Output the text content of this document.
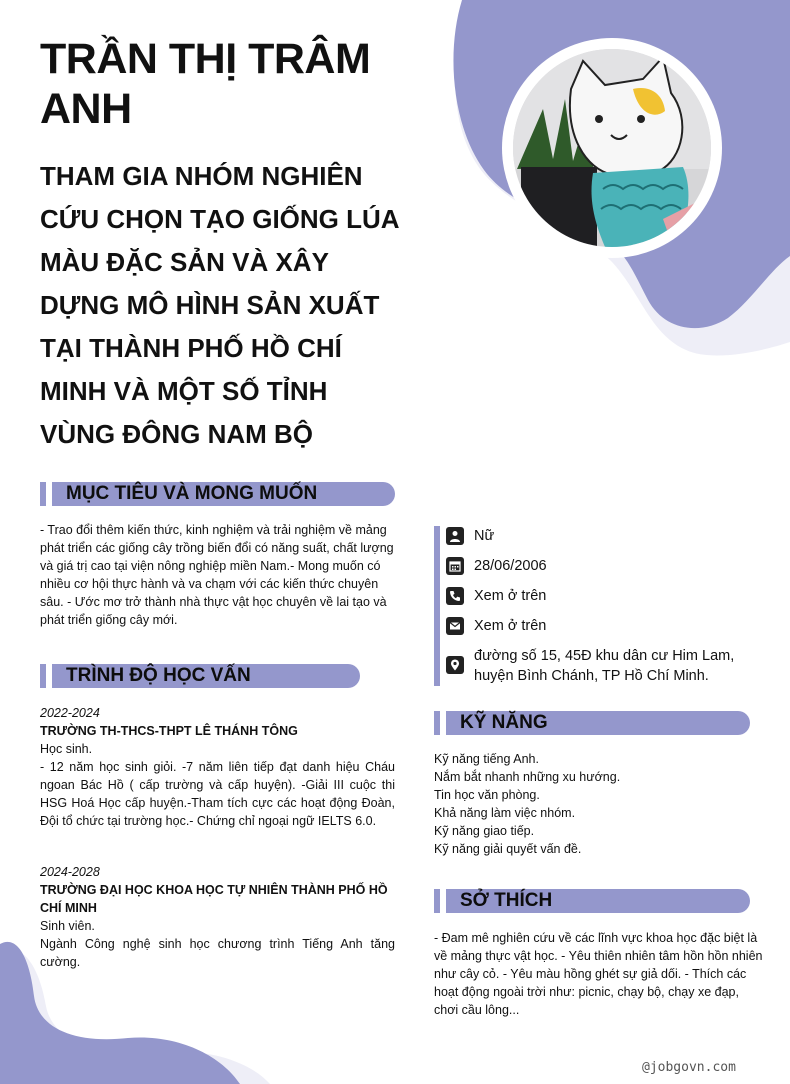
TRẦN THỊ TRÂM ANH
THAM GIA NHÓM NGHIÊN CỨU CHỌN TẠO GIỐNG LÚA MÀU ĐẶC SẢN VÀ XÂY DỰNG MÔ HÌNH SẢN XUẤT TẠI THÀNH PHỐ HỒ CHÍ MINH VÀ MỘT SỐ TỈNH VÙNG ĐÔNG NAM BỘ
MỤC TIÊU VÀ MONG MUỐN
- Trao đổi thêm kiến thức, kinh nghiệm và trải nghiệm về mảng phát triển các giống cây trồng biến đổi có năng suất, chất lượng và giá trị cao tại viện nông nghiệp miền Nam.- Mong muốn có nhiều cơ hội thực hành và va chạm với các kiến thức chuyên sâu. - Ước mơ trở thành nhà thực vật học chuyên về lai tạo và phát triển giống cây mới.
TRÌNH ĐỘ HỌC VẤN
2022-2024
TRƯỜNG TH-THCS-THPT LÊ THÁNH TÔNG
Học sinh.
- 12 năm học sinh giỏi. -7 năm liên tiếp đạt danh hiệu Cháu ngoan Bác Hồ ( cấp trường và cấp huyện). -Giải III cuộc thi HSG Hoá Học cấp huyện.-Tham tích cực các hoạt động Đoàn, Đội tổ chức tại trường học.- Chứng chỉ ngoại ngữ IELTS 6.0.
2024-2028
TRƯỜNG ĐẠI HỌC KHOA HỌC TỰ NHIÊN THÀNH PHỐ HỒ CHÍ MINH
Sinh viên.
Ngành Công nghệ sinh học chương trình Tiếng Anh tăng cường.
Nữ
28/06/2006
Xem ở trên
Xem ở trên
đường số 15, 45Đ khu dân cư Him Lam, huyện Bình Chánh, TP Hồ Chí Minh.
KỸ NĂNG
Kỹ năng tiếng Anh.
Nắm bắt nhanh những xu hướng.
Tin học văn phòng.
Khả năng làm việc nhóm.
Kỹ năng giao tiếp.
Kỹ năng giải quyết vấn đề.
SỞ THÍCH
- Đam mê nghiên cứu về các lĩnh vực khoa học đặc biệt là về mảng thực vật học. - Yêu thiên nhiên tâm hồn hồn nhiên như cây cỏ. - Yêu màu hồng ghét sự giả dối. - Thích các hoạt động ngoài trời như: picnic, chạy bộ, chạy xe đạp, chơi cầu lông...
@jobgovn.com
